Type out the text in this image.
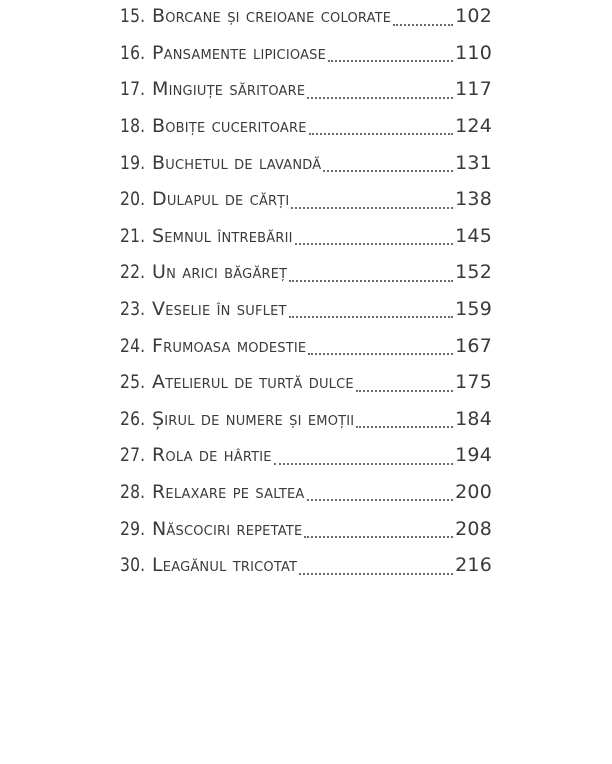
15. Borcane și creioane colorate	102
16. Pansamente lipicioase	110
17. Mingiuțe săritoare	117
18. Bobițe cuceritoare	124
19. Buchetul de lavandă	131
20. Dulapul de cărți	138
21. Semnul întrebării	145
22. Un arici băgăreț	152
23. Veselie în suflet	159
24. Frumoasa modestie	167
25. Atelierul de turtă dulce	175
26. Șirul de numere și emoții	184
27. Rola de hârtie	194
28. Relaxare pe saltea	200
29. Născociri repetate	208
30. Leagănul tricotat	216
